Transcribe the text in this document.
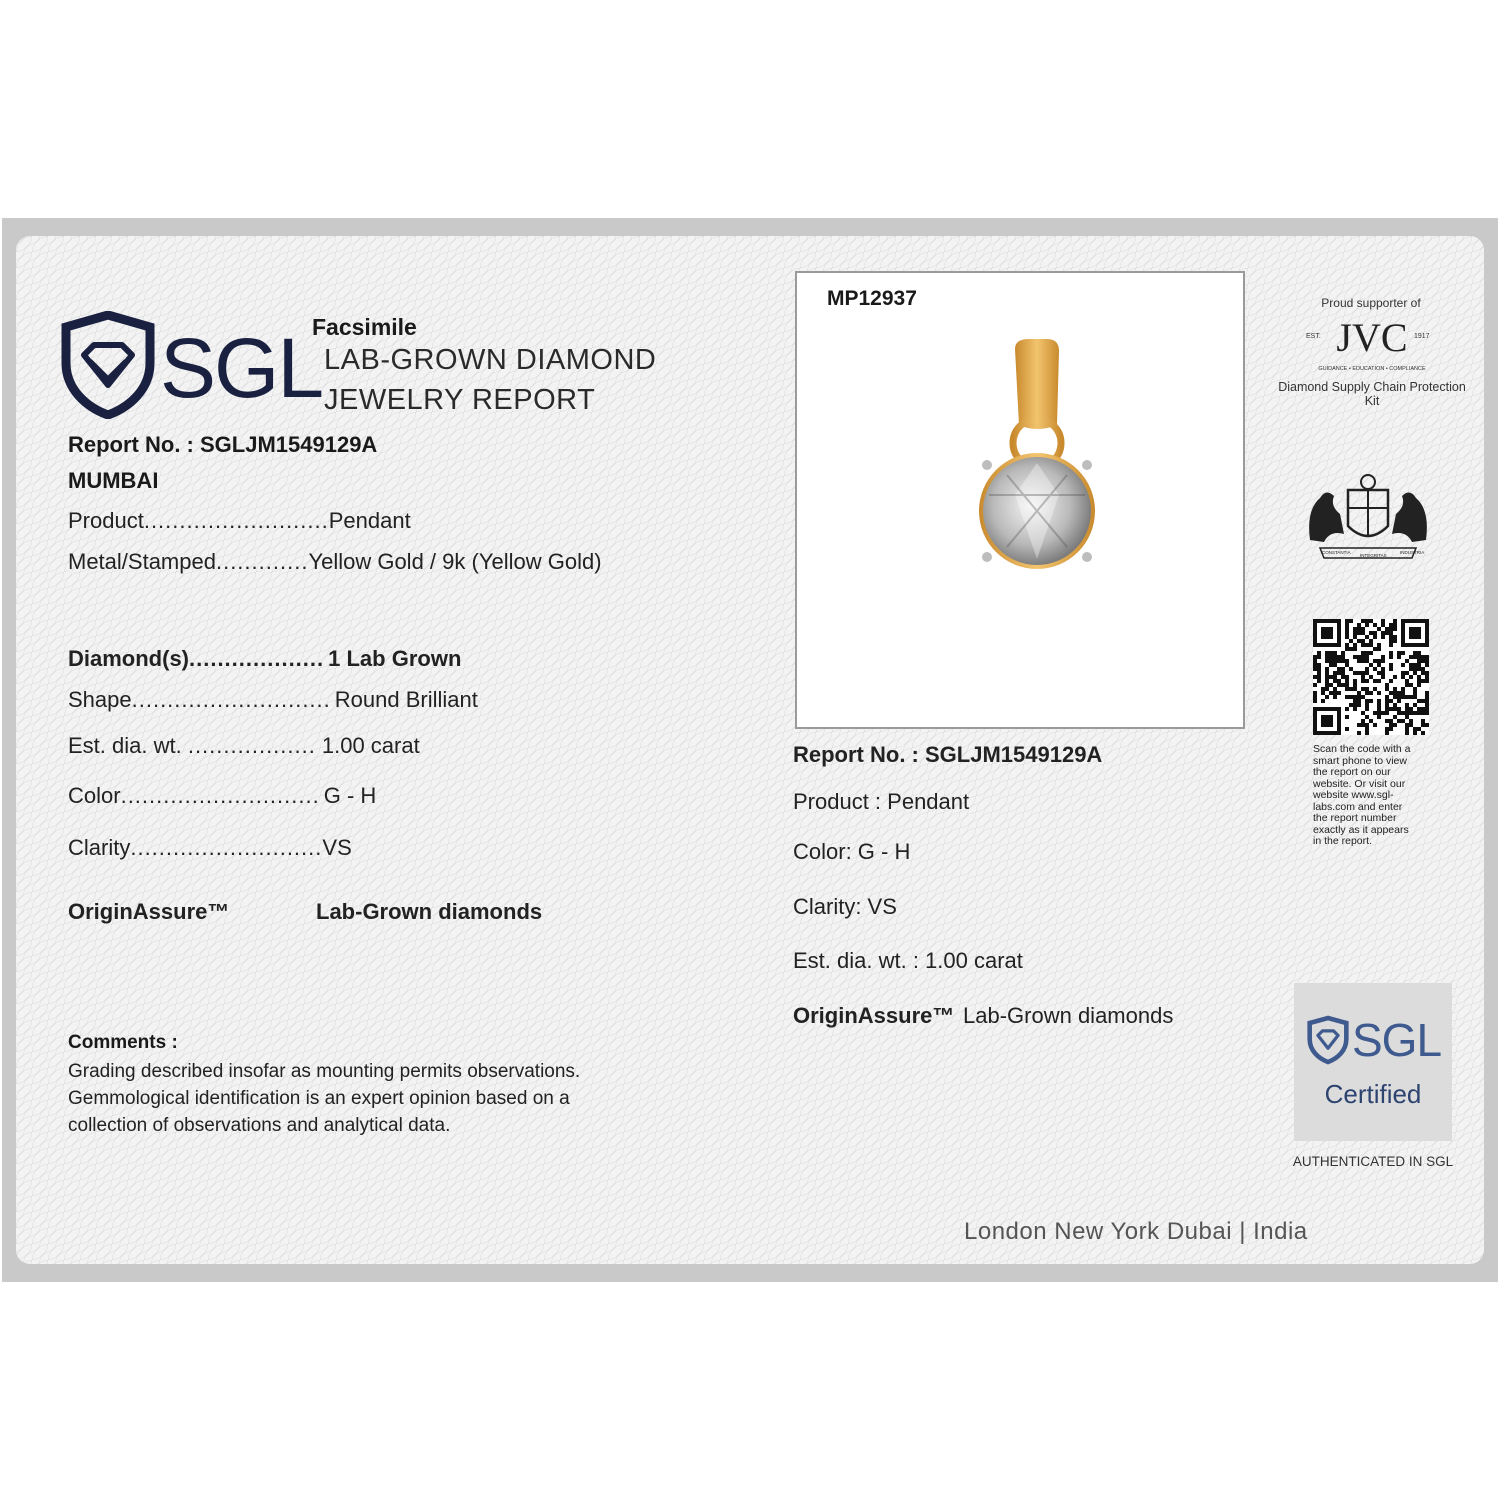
SGL
Facsimile
LAB-GROWN DIAMOND
JEWELRY REPORT
Report No. : SGLJM1549129A
MUMBAI
Product..........................Pendant
Metal/Stamped.............Yellow Gold / 9k (Yellow Gold)
Diamond(s)................... 1 Lab Grown
Shape............................ Round Brilliant
Est. dia. wt. .................. 1.00 carat
Color............................ G - H
Clarity...........................VS
OriginAssure™	Lab-Grown diamonds
Comments :
Grading described insofar as mounting permits observations.
Gemmological identification is an expert opinion based on a
collection of observations and analytical data.
MP12937
Report No. : SGLJM1549129A
Product : Pendant
Color: G - H
Clarity: VS
Est. dia. wt. : 1.00 carat
OriginAssure™ Lab-Grown diamonds
Proud supporter of
EST.	1917
JVC
GUIDANCE • EDUCATION • COMPLIANCE
Diamond Supply Chain Protection Kit
CONSTANTIA
INTEGRITAS
INDUSTRIA
Scan the code with a
smart phone to view
the report on our
website. Or visit our
website www.sgl-
labs.com and enter
the report number
exactly as it appears
in the report.
SGL
Certified
AUTHENTICATED IN SGL
London New York Dubai | India
